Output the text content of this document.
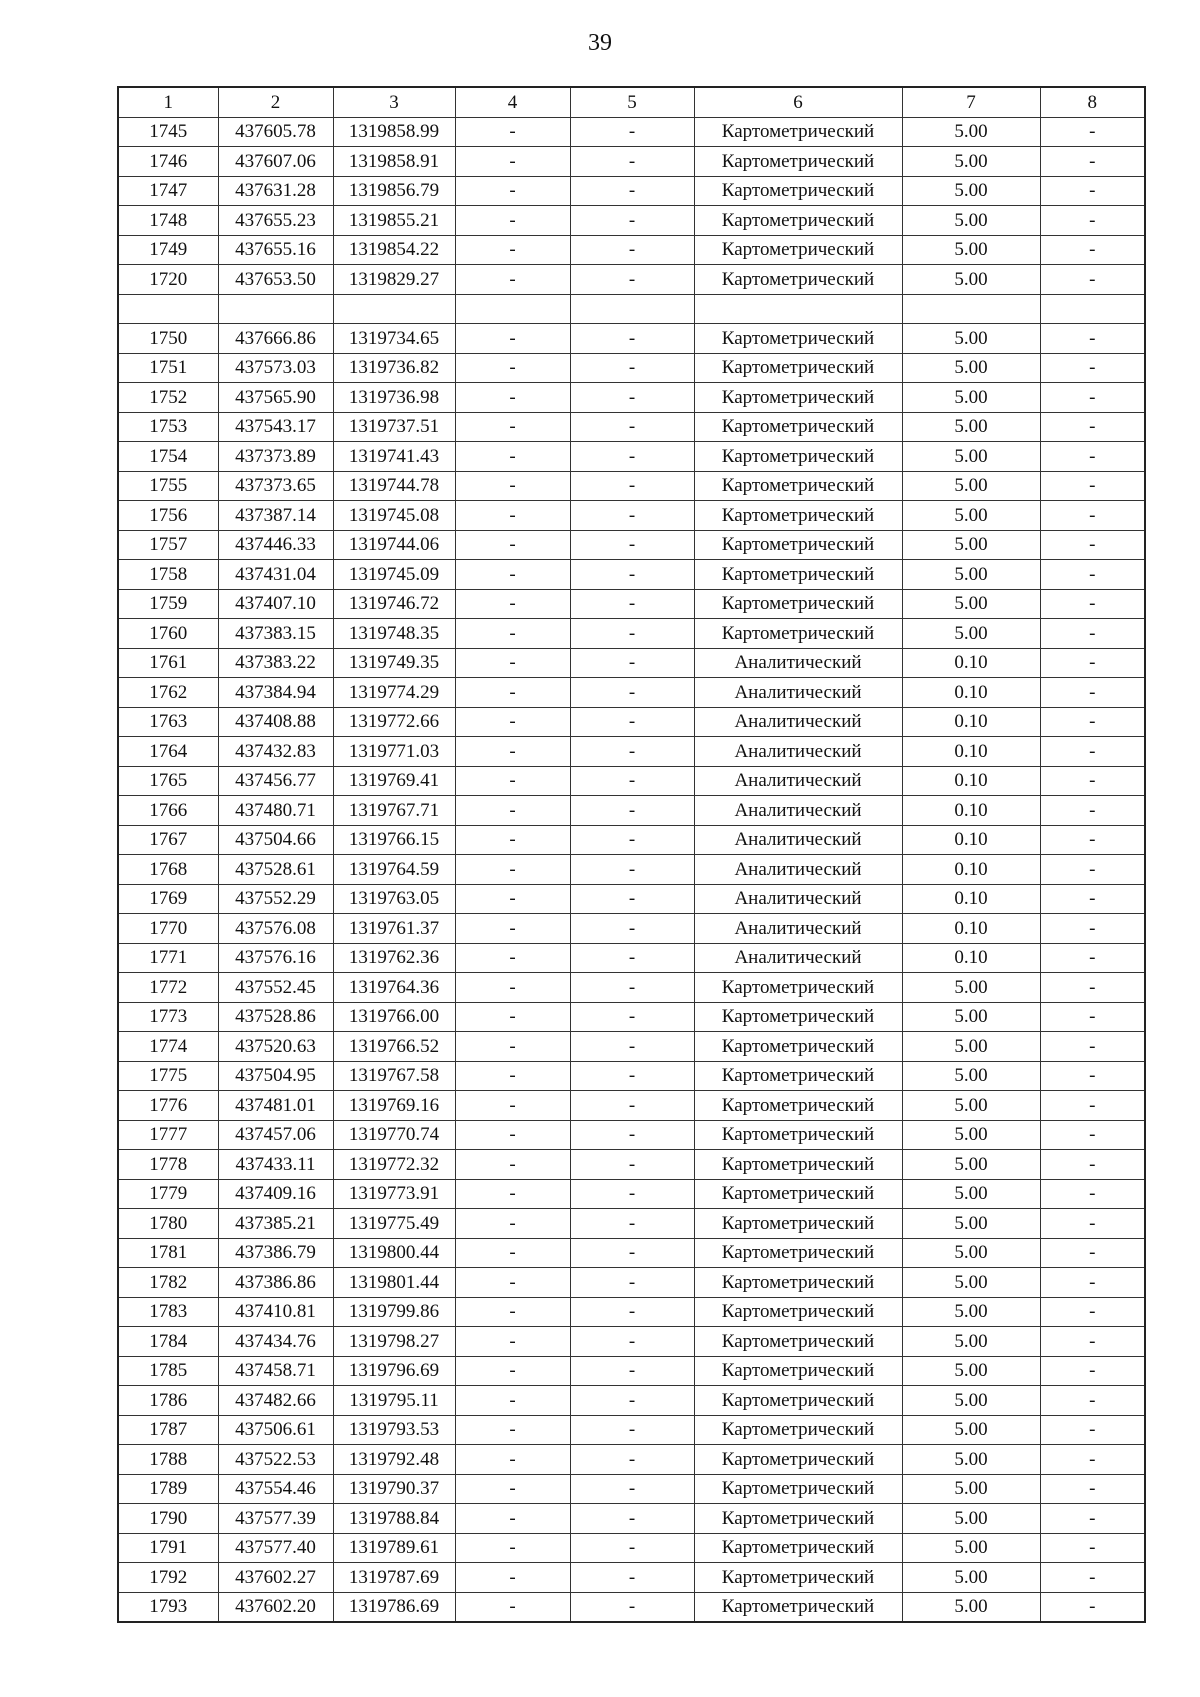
39
1	2	3	4	5	6	7	8
1745	437605.78	1319858.99	-	-	Картометрический	5.00	-
1746	437607.06	1319858.91	-	-	Картометрический	5.00	-
1747	437631.28	1319856.79	-	-	Картометрический	5.00	-
1748	437655.23	1319855.21	-	-	Картометрический	5.00	-
1749	437655.16	1319854.22	-	-	Картометрический	5.00	-
1720	437653.50	1319829.27	-	-	Картометрический	5.00	-

1750	437666.86	1319734.65	-	-	Картометрический	5.00	-
1751	437573.03	1319736.82	-	-	Картометрический	5.00	-
1752	437565.90	1319736.98	-	-	Картометрический	5.00	-
1753	437543.17	1319737.51	-	-	Картометрический	5.00	-
1754	437373.89	1319741.43	-	-	Картометрический	5.00	-
1755	437373.65	1319744.78	-	-	Картометрический	5.00	-
1756	437387.14	1319745.08	-	-	Картометрический	5.00	-
1757	437446.33	1319744.06	-	-	Картометрический	5.00	-
1758	437431.04	1319745.09	-	-	Картометрический	5.00	-
1759	437407.10	1319746.72	-	-	Картометрический	5.00	-
1760	437383.15	1319748.35	-	-	Картометрический	5.00	-
1761	437383.22	1319749.35	-	-	Аналитический	0.10	-
1762	437384.94	1319774.29	-	-	Аналитический	0.10	-
1763	437408.88	1319772.66	-	-	Аналитический	0.10	-
1764	437432.83	1319771.03	-	-	Аналитический	0.10	-
1765	437456.77	1319769.41	-	-	Аналитический	0.10	-
1766	437480.71	1319767.71	-	-	Аналитический	0.10	-
1767	437504.66	1319766.15	-	-	Аналитический	0.10	-
1768	437528.61	1319764.59	-	-	Аналитический	0.10	-
1769	437552.29	1319763.05	-	-	Аналитический	0.10	-
1770	437576.08	1319761.37	-	-	Аналитический	0.10	-
1771	437576.16	1319762.36	-	-	Аналитический	0.10	-
1772	437552.45	1319764.36	-	-	Картометрический	5.00	-
1773	437528.86	1319766.00	-	-	Картометрический	5.00	-
1774	437520.63	1319766.52	-	-	Картометрический	5.00	-
1775	437504.95	1319767.58	-	-	Картометрический	5.00	-
1776	437481.01	1319769.16	-	-	Картометрический	5.00	-
1777	437457.06	1319770.74	-	-	Картометрический	5.00	-
1778	437433.11	1319772.32	-	-	Картометрический	5.00	-
1779	437409.16	1319773.91	-	-	Картометрический	5.00	-
1780	437385.21	1319775.49	-	-	Картометрический	5.00	-
1781	437386.79	1319800.44	-	-	Картометрический	5.00	-
1782	437386.86	1319801.44	-	-	Картометрический	5.00	-
1783	437410.81	1319799.86	-	-	Картометрический	5.00	-
1784	437434.76	1319798.27	-	-	Картометрический	5.00	-
1785	437458.71	1319796.69	-	-	Картометрический	5.00	-
1786	437482.66	1319795.11	-	-	Картометрический	5.00	-
1787	437506.61	1319793.53	-	-	Картометрический	5.00	-
1788	437522.53	1319792.48	-	-	Картометрический	5.00	-
1789	437554.46	1319790.37	-	-	Картометрический	5.00	-
1790	437577.39	1319788.84	-	-	Картометрический	5.00	-
1791	437577.40	1319789.61	-	-	Картометрический	5.00	-
1792	437602.27	1319787.69	-	-	Картометрический	5.00	-
1793	437602.20	1319786.69	-	-	Картометрический	5.00	-
